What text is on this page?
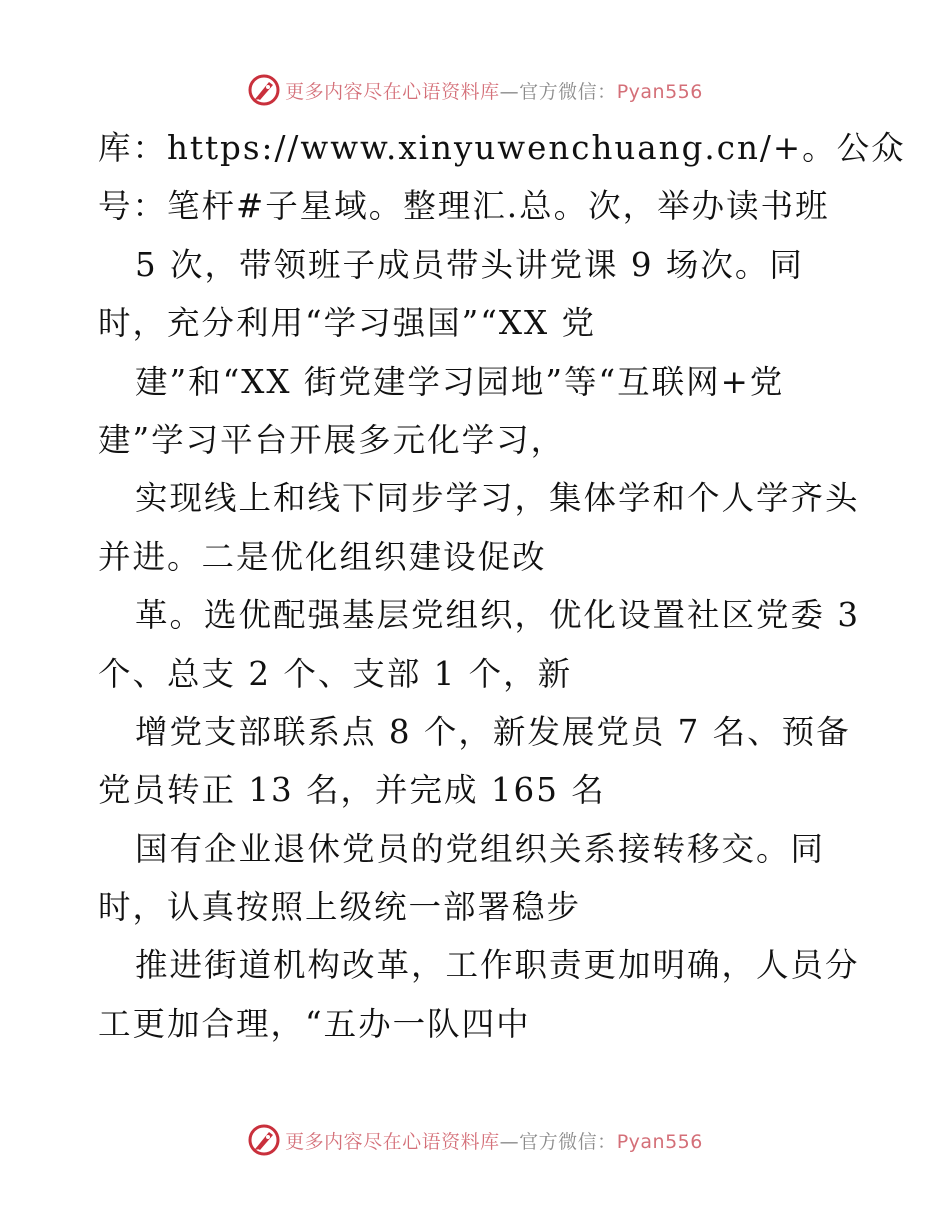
更多内容尽在心语资料库—官方微信：Pyan556
库：https://www.xinyuwenchuang.cn/+。公众
号：笔杆#子星域。整理汇.总。次，举办读书班
5 次，带领班子成员带头讲党课 9 场次。同
时，充分利用“学习强国”“XX 党
建”和“XX 街党建学习园地”等“互联网+党
建”学习平台开展多元化学习，
实现线上和线下同步学习，集体学和个人学齐头
并进。二是优化组织建设促改
革。选优配强基层党组织，优化设置社区党委 3
个、总支 2 个、支部 1 个，新
增党支部联系点 8 个，新发展党员 7 名、预备
党员转正 13 名，并完成 165 名
国有企业退休党员的党组织关系接转移交。同
时，认真按照上级统一部署稳步
推进街道机构改革，工作职责更加明确，人员分
工更加合理，“五办一队四中
更多内容尽在心语资料库—官方微信：Pyan556
